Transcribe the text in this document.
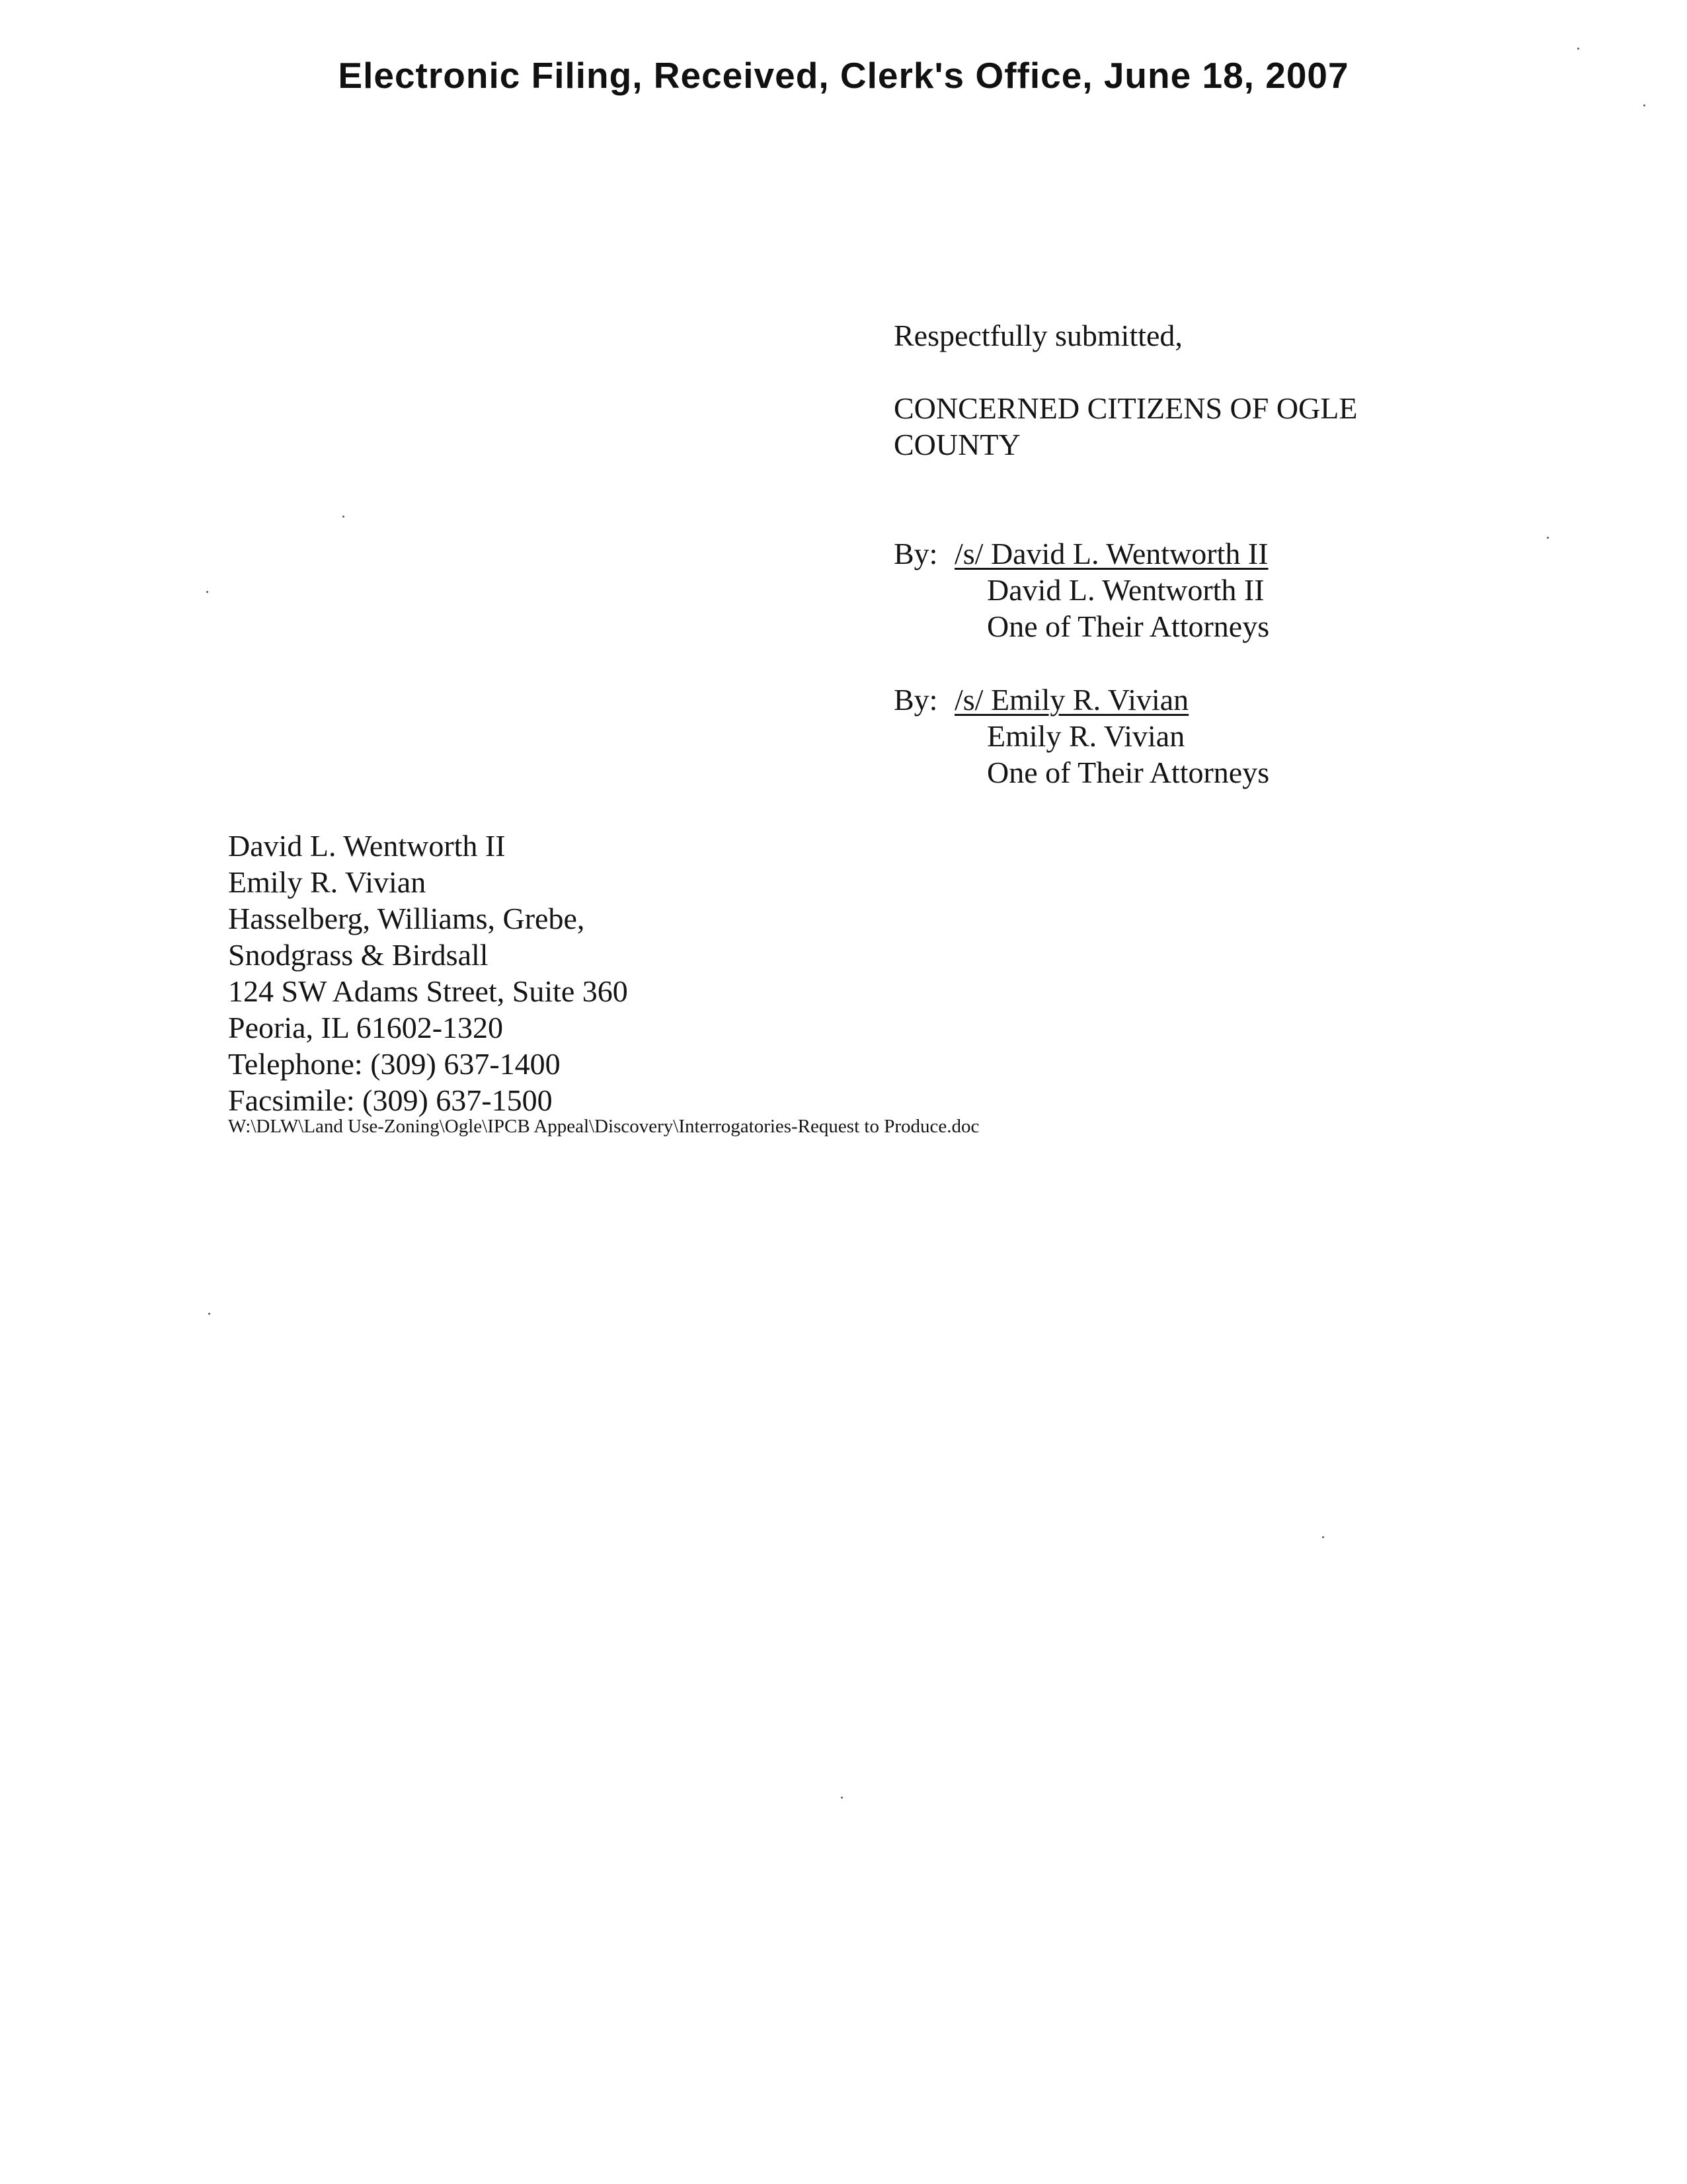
Electronic Filing, Received, Clerk's Office, June 18, 2007
Respectfully submitted,
CONCERNED CITIZENS OF OGLE
COUNTY
By: /s/ David L. Wentworth II
David L. Wentworth II
One of Their Attorneys
By: /s/ Emily R. Vivian
Emily R. Vivian
One of Their Attorneys
David L. Wentworth II
Emily R. Vivian
Hasselberg, Williams, Grebe,
Snodgrass & Birdsall
124 SW Adams Street, Suite 360
Peoria, IL 61602-1320
Telephone: (309) 637-1400
Facsimile: (309) 637-1500
W:\DLW\Land Use-Zoning\Ogle\IPCB Appeal\Discovery\Interrogatories-Request to Produce.doc
